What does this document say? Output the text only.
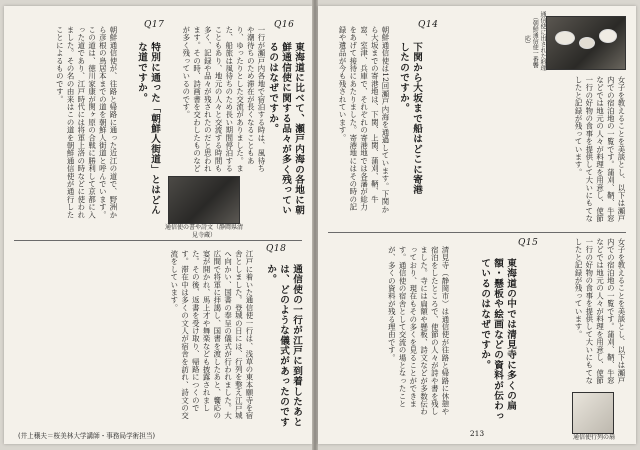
Q16
東海道に比べて、瀬戸内海の各地に朝鮮通信使に関する品々が多く残っているのはなぜですか。
一行が瀬戸内各地で宿泊する時は、風待ちや潮待ちのため滞在が長くなることもあり、ゆったりとした交流がありました。また、船旅は風待ちのため長い期間停泊することもあり、地元の人々と交流する時間も多く、記録や品々が残されたのだと思われます。その時、詩画書を交わしたものなどが多く残っているのです。
通信使の書や詩文（静岡県清見寺蔵）
Q17
特別に通った「朝鮮人街道」とはどんな道ですか。
朝鮮通信使が、往路と帰路に通った近江の道で、野洲から彦根の鳥居本までの道を朝鮮人街道と呼んでいます。この道は、徳川家康が関ヶ原の合戦に勝利して京都に入った道であり、江戸時代には将軍上洛の時などに使われました。その名の由来はこの道を朝鮮通信使が通行したことによるものです。
Q18
通信使の一行が江戸に到着したあとは、どのような儀式があったのですか。
江戸に着いた通信使一行は、浅草の東本願寺を宿舎としました。登城の日には、行列を整え江戸城へ向かい、国書の奉呈の儀式が行われました。大広間で将軍に拝謁し、国書を渡したあと、饗応の宴が開かれ、馬上才や舞楽なども披露されました。その後、返書を受け取り、帰路につくのです。滞在中は多くの文人が宿舎を訪れ、詩文の交流をしています。
(井上穣夫＝桜美林大学講師・事務局学術担当)
通信使に出された料理（朝鮮通信使一番饗応）
女子を教えることを美談とし、以下は瀬戸内での宿泊地の一覧です。蒲刈、鞆、牛窓などでは地元の人々が料理を用意し、使節一行の好物の食事を提供して大いにもてなしたと記録が残っています。
Q14
下関から大坂まで船はどこに寄港したのですか。
朝鮮通信使は12回瀬戸内海を通過しています。下関から大坂までの寄港地は、下関、上関、蒲刈、鞆、牛窓、室津、兵庫で、それぞれの寄港地では各藩が総力をあげて接待にあたりました。寄港地にはその時の記録や遺品が今も残されています。
Q15
東海道の中では清見寺に多くの扁額・懸板や絵画などの資料が伝わっているのはなぜですか。
清見寺（静岡市）は通信使が往路と帰路に休憩や宿泊をしたところで、使節の人々が詩や書を残しました。寺には扁額や懸板、詩文などが多数伝わっており、現在もその多くを見ることができます。通信使の宿舎として交流の場となったことが、多くの資料が残る理由です。	女子を教えることを美談とし、以下は瀬戸内での宿泊地の一覧です。蒲刈、鞆、牛窓などでは地元の人々が料理を用意し、使節一行の好物の食事を提供して大いにもてなしたと記録が残っています。
通信使行列の扇
213
